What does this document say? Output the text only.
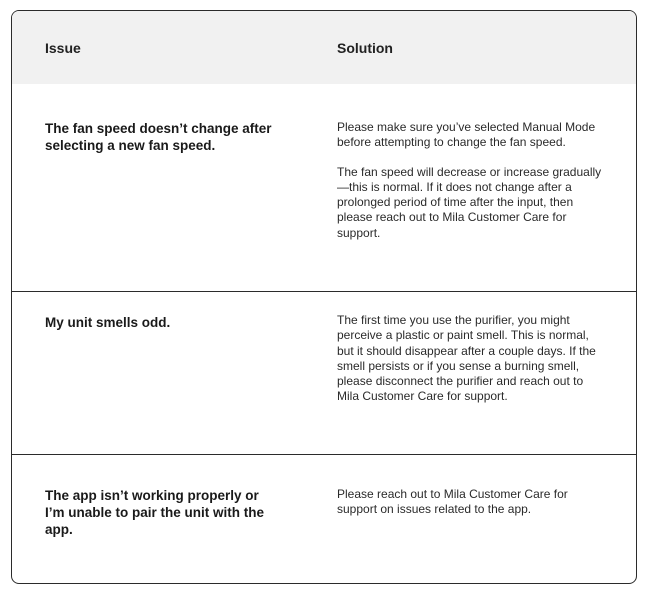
Issue	Solution
The fan speed doesn’t change after selecting a new fan speed.

Please make sure you’ve selected Manual Mode before attempting to change the fan speed.

The fan speed will decrease or increase gradually—this is normal. If it does not change after a prolonged period of time after the input, then please reach out to Mila Customer Care for support.

My unit smells odd.	The first time you use the purifier, you might perceive a plastic or paint smell. This is normal, but it should disappear after a couple days. If the smell persists or if you sense a burning smell, please disconnect the purifier and reach out to Mila Customer Care for support.

The app isn’t working properly or I’m unable to pair the unit with the app.

Please reach out to Mila Customer Care for support on issues related to the app.
